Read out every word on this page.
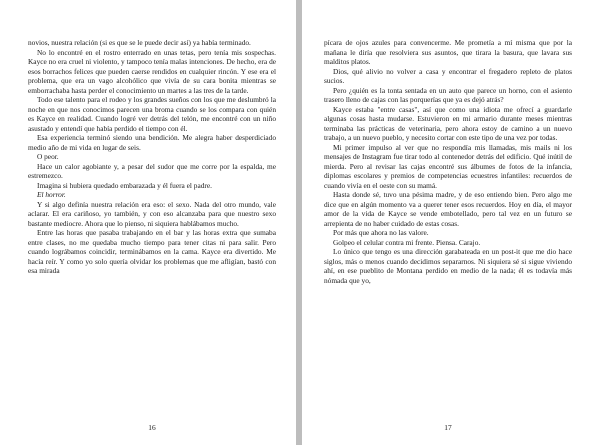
novios, nuestra relación (si es que se le puede decir así) ya había terminado.

No lo encontré en el rostro enterrado en unas tetas, pero tenía mis sospechas. Kayce no era cruel ni violento, y tampoco tenía malas intenciones. De hecho, era de esos borrachos felices que pueden caerse rendidos en cualquier rincón. Y ese era el problema, que era un vago alcohólico que vivía de su cara bonita mientras se emborrachaba hasta perder el conocimiento un martes a las tres de la tarde.

Todo ese talento para el rodeo y los grandes sueños con los que me deslumbró la noche en que nos conocimos parecen una broma cuando se los compara con quién es Kayce en realidad. Cuando logré ver detrás del telón, me encontré con un niño asustado y entendí que había perdido el tiempo con él.

Esa experiencia terminó siendo una bendición. Me alegra haber desperdiciado medio año de mi vida en lugar de seis.

O peor.

Hace un calor agobiante y, a pesar del sudor que me corre por la espalda, me estremezco.

Imagina si hubiera quedado embarazada y él fuera el padre.

El horror.

Y si algo definía nuestra relación era eso: el sexo. Nada del otro mundo, vale aclarar. El era cariñoso, yo también, y con eso alcanzaba para que nuestro sexo bastante mediocre. Ahora que lo pienso, ni siquiera hablábamos mucho.

Entre las horas que pasaba trabajando en el bar y las horas extra que sumaba entre clases, no me quedaba mucho tiempo para tener citas ni para salir. Pero cuando lográbamos coincidir, terminábamos en la cama. Kayce era divertido. Me hacía reír. Y como yo solo quería olvidar los problemas que me afligían, bastó con esa mirada

16

pícara de ojos azules para convencerme. Me prometía a mí misma que por la mañana le diría que resolviera sus asuntos, que tirara la basura, que lavara sus malditos platos.

Dios, qué alivio no volver a casa y encontrar el fregadero repleto de platos sucios.

Pero ¿quién es la tonta sentada en un auto que parece un horno, con el asiento trasero lleno de cajas con las porquerías que ya es dejó atrás?

Kayce estaba "entre casas", así que como una idiota me ofrecí a guardarle algunas cosas hasta mudarse. Estuvieron en mi armario durante meses mientras terminaba las prácticas de veterinaria, pero ahora estoy de camino a un nuevo trabajo, a un nuevo pueblo, y necesito cortar con este tipo de una vez por todas.

Mi primer impulso al ver que no respondía mis llamadas, mis mails ni los mensajes de Instagram fue tirar todo al contenedor detrás del edificio. Qué inútil de mierda. Pero al revisar las cajas encontré sus álbumes de fotos de la infancia, diplomas escolares y premios de competencias ecuestres infantiles: recuerdos de cuando vivía en el oeste con su mamá.

Hasta donde sé, tuvo una pésima madre, y de eso entiendo bien. Pero algo me dice que en algún momento va a querer tener esos recuerdos. Hoy en día, el mayor amor de la vida de Kayce se vende embotellado, pero tal vez en un futuro se arrepienta de no haber cuidado de estas cosas.

Por más que ahora no las valore.

Golpeo el celular contra mi frente. Piensa. Carajo.

Lo único que tengo es una dirección garabateada en un post-it que me dio hace siglos, más o menos cuando decidimos separarnos. Ni siquiera sé si sigue viviendo ahí, en ese pueblito de Montana perdido en medio de la nada; él es todavía más nómada que yo,

17
